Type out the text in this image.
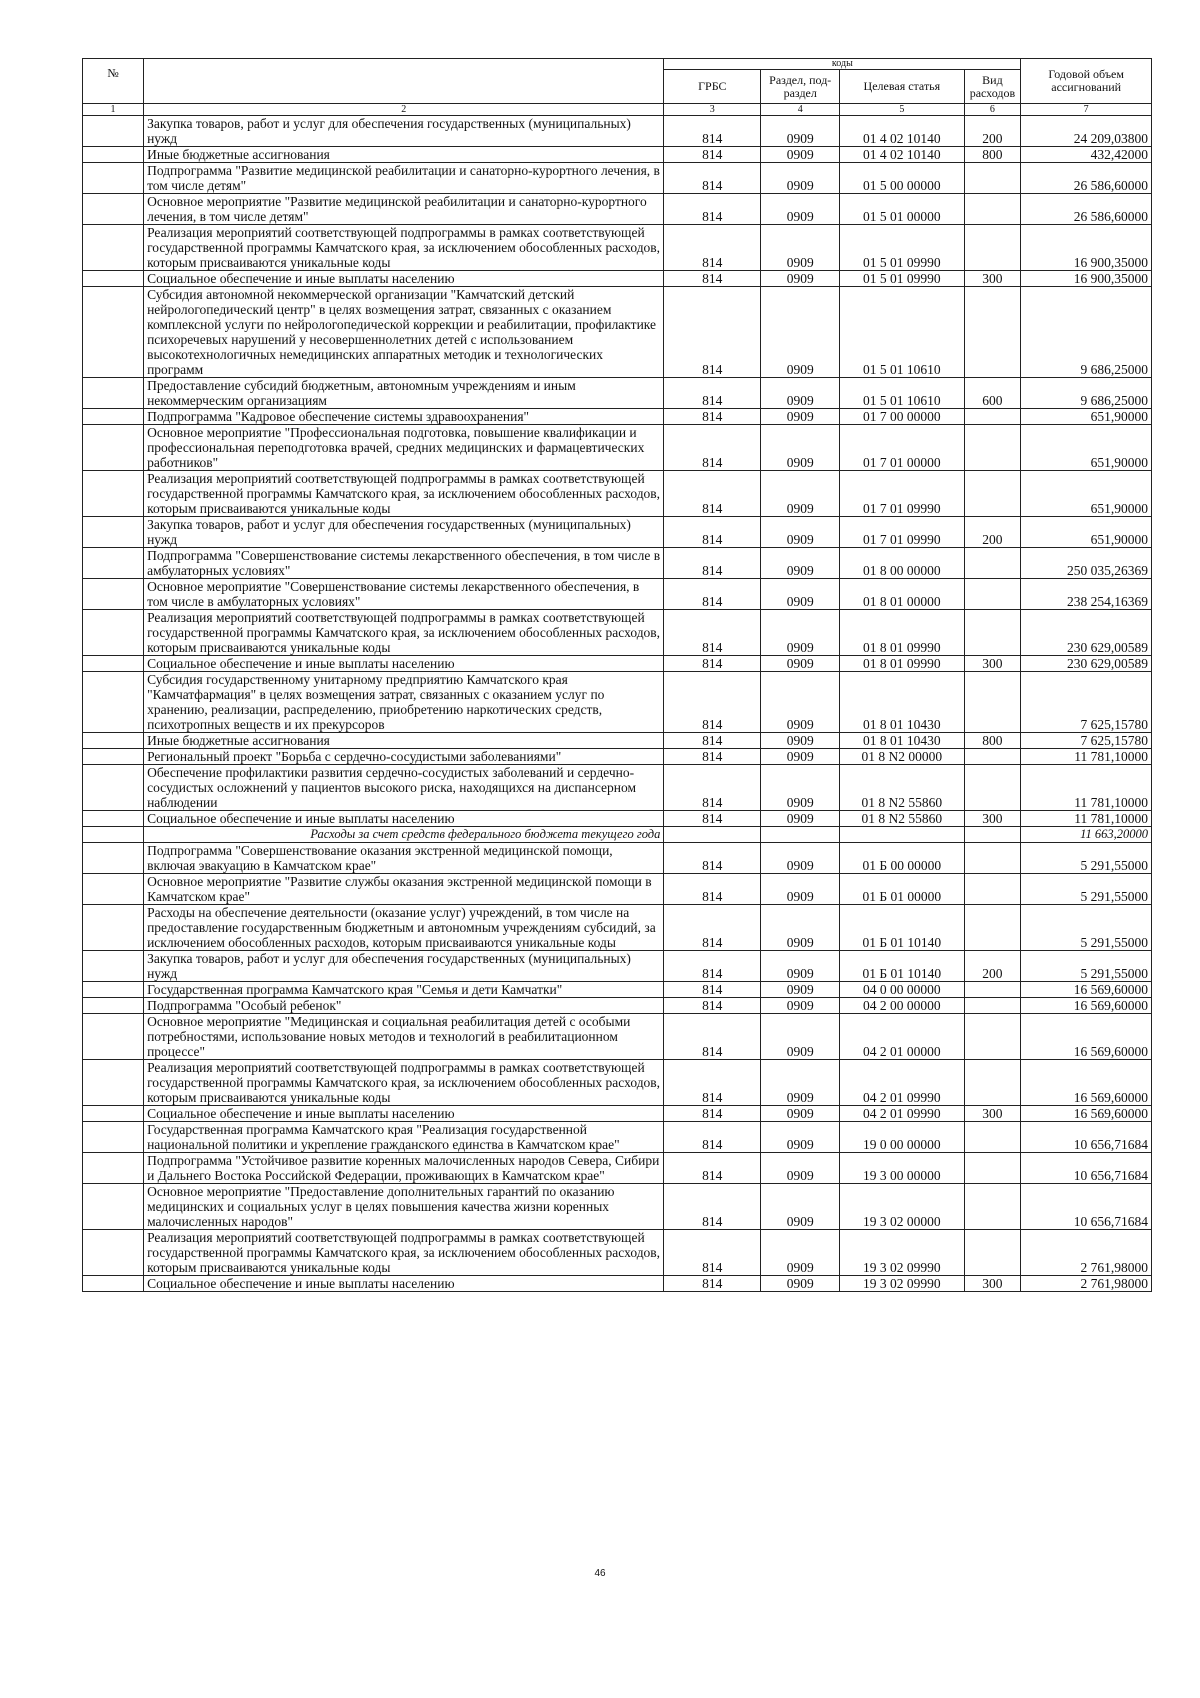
№		коды				Годовой объем ассигнований
		ГРБС	Раздел, под-раздел	Целевая статья	Вид расходов	
1	2	3	4	5	6	7
	Закупка товаров, работ и услуг для обеспечения государственных (муниципальных) нужд	814	0909	01 4 02 10140	200	24 209,03800
	Иные бюджетные ассигнования	814	0909	01 4 02 10140	800	432,42000
	Подпрограмма "Развитие медицинской реабилитации и санаторно-курортного лечения, в том числе детям"	814	0909	01 5 00 00000		26 586,60000
	Основное мероприятие "Развитие медицинской реабилитации и санаторно-курортного лечения, в том числе детям"	814	0909	01 5 01 00000		26 586,60000
	Реализация мероприятий соответствующей подпрограммы в рамках соответствующей государственной программы Камчатского края, за исключением обособленных расходов, которым присваиваются уникальные коды	814	0909	01 5 01 09990		16 900,35000
	Социальное обеспечение и иные выплаты населению	814	0909	01 5 01 09990	300	16 900,35000
	Субсидия автономной некоммерческой организации "Камчатский детский нейрологопедический центр" в целях возмещения затрат, связанных с оказанием комплексной услуги по нейрологопедической коррекции и реабилитации, профилактике психоречевых нарушений у несовершеннолетних детей с использованием высокотехнологичных немедицинских аппаратных методик и технологических программ	814	0909	01 5 01 10610		9 686,25000
	Предоставление субсидий бюджетным, автономным учреждениям и иным некоммерческим организациям	814	0909	01 5 01 10610	600	9 686,25000
	Подпрограмма "Кадровое обеспечение системы здравоохранения"	814	0909	01 7 00 00000		651,90000
	Основное мероприятие "Профессиональная подготовка, повышение квалификации и профессиональная переподготовка врачей, средних медицинских и фармацевтических работников"	814	0909	01 7 01 00000		651,90000
	Реализация мероприятий соответствующей подпрограммы в рамках соответствующей государственной программы Камчатского края, за исключением обособленных расходов, которым присваиваются уникальные коды	814	0909	01 7 01 09990		651,90000
	Закупка товаров, работ и услуг для обеспечения государственных (муниципальных) нужд	814	0909	01 7 01 09990	200	651,90000
	Подпрограмма "Совершенствование системы лекарственного обеспечения, в том числе в амбулаторных условиях"	814	0909	01 8 00 00000		250 035,26369
	Основное мероприятие "Совершенствование системы лекарственного обеспечения, в том числе в амбулаторных условиях"	814	0909	01 8 01 00000		238 254,16369
	Реализация мероприятий соответствующей подпрограммы в рамках соответствующей государственной программы Камчатского края, за исключением обособленных расходов, которым присваиваются уникальные коды	814	0909	01 8 01 09990		230 629,00589
	Социальное обеспечение и иные выплаты населению	814	0909	01 8 01 09990	300	230 629,00589
	Субсидия государственному унитарному предприятию Камчатского края "Камчатфармация" в целях возмещения затрат, связанных с оказанием услуг по хранению, реализации, распределению, приобретению наркотических средств, психотропных веществ и их прекурсоров	814	0909	01 8 01 10430		7 625,15780
	Иные бюджетные ассигнования	814	0909	01 8 01 10430	800	7 625,15780
	Региональный проект "Борьба с сердечно-сосудистыми заболеваниями"	814	0909	01 8 N2 00000		11 781,10000
	Обеспечение профилактики развития сердечно-сосудистых заболеваний и сердечно-сосудистых осложнений у пациентов высокого риска, находящихся на диспансерном наблюдении	814	0909	01 8 N2 55860		11 781,10000
	Социальное обеспечение и иные выплаты населению	814	0909	01 8 N2 55860	300	11 781,10000
	Расходы за счет средств федерального бюджета текущего года					11 663,20000
	Подпрограмма "Совершенствование оказания экстренной медицинской помощи, включая эвакуацию в Камчатском крае"	814	0909	01 Б 00 00000		5 291,55000
	Основное мероприятие "Развитие службы оказания экстренной медицинской помощи в Камчатском крае"	814	0909	01 Б 01 00000		5 291,55000
	Расходы на обеспечение деятельности (оказание услуг) учреждений, в том числе на предоставление государственным бюджетным и автономным учреждениям субсидий, за исключением обособленных расходов, которым присваиваются уникальные коды	814	0909	01 Б 01 10140		5 291,55000
	Закупка товаров, работ и услуг для обеспечения государственных (муниципальных) нужд	814	0909	01 Б 01 10140	200	5 291,55000
	Государственная программа Камчатского края "Семья и дети Камчатки"	814	0909	04 0 00 00000		16 569,60000
	Подпрограмма "Особый ребенок"	814	0909	04 2 00 00000		16 569,60000
	Основное мероприятие "Медицинская и социальная реабилитация детей с особыми потребностями, использование новых методов и технологий в реабилитационном процессе"	814	0909	04 2 01 00000		16 569,60000
	Реализация мероприятий соответствующей подпрограммы в рамках соответствующей государственной программы Камчатского края, за исключением обособленных расходов, которым присваиваются уникальные коды	814	0909	04 2 01 09990		16 569,60000
	Социальное обеспечение и иные выплаты населению	814	0909	04 2 01 09990	300	16 569,60000
	Государственная программа Камчатского края "Реализация государственной национальной политики и укрепление гражданского единства в Камчатском крае"	814	0909	19 0 00 00000		10 656,71684
	Подпрограмма "Устойчивое развитие коренных малочисленных народов Севера, Сибири и Дальнего Востока Российской Федерации, проживающих в Камчатском крае"	814	0909	19 3 00 00000		10 656,71684
	Основное мероприятие "Предоставление дополнительных гарантий по оказанию медицинских и социальных услуг в целях повышения качества жизни коренных малочисленных народов"	814	0909	19 3 02 00000		10 656,71684
	Реализация мероприятий соответствующей подпрограммы в рамках соответствующей государственной программы Камчатского края, за исключением обособленных расходов, которым присваиваются уникальные коды	814	0909	19 3 02 09990		2 761,98000
	Социальное обеспечение и иные выплаты населению	814	0909	19 3 02 09990	300	2 761,98000
46
